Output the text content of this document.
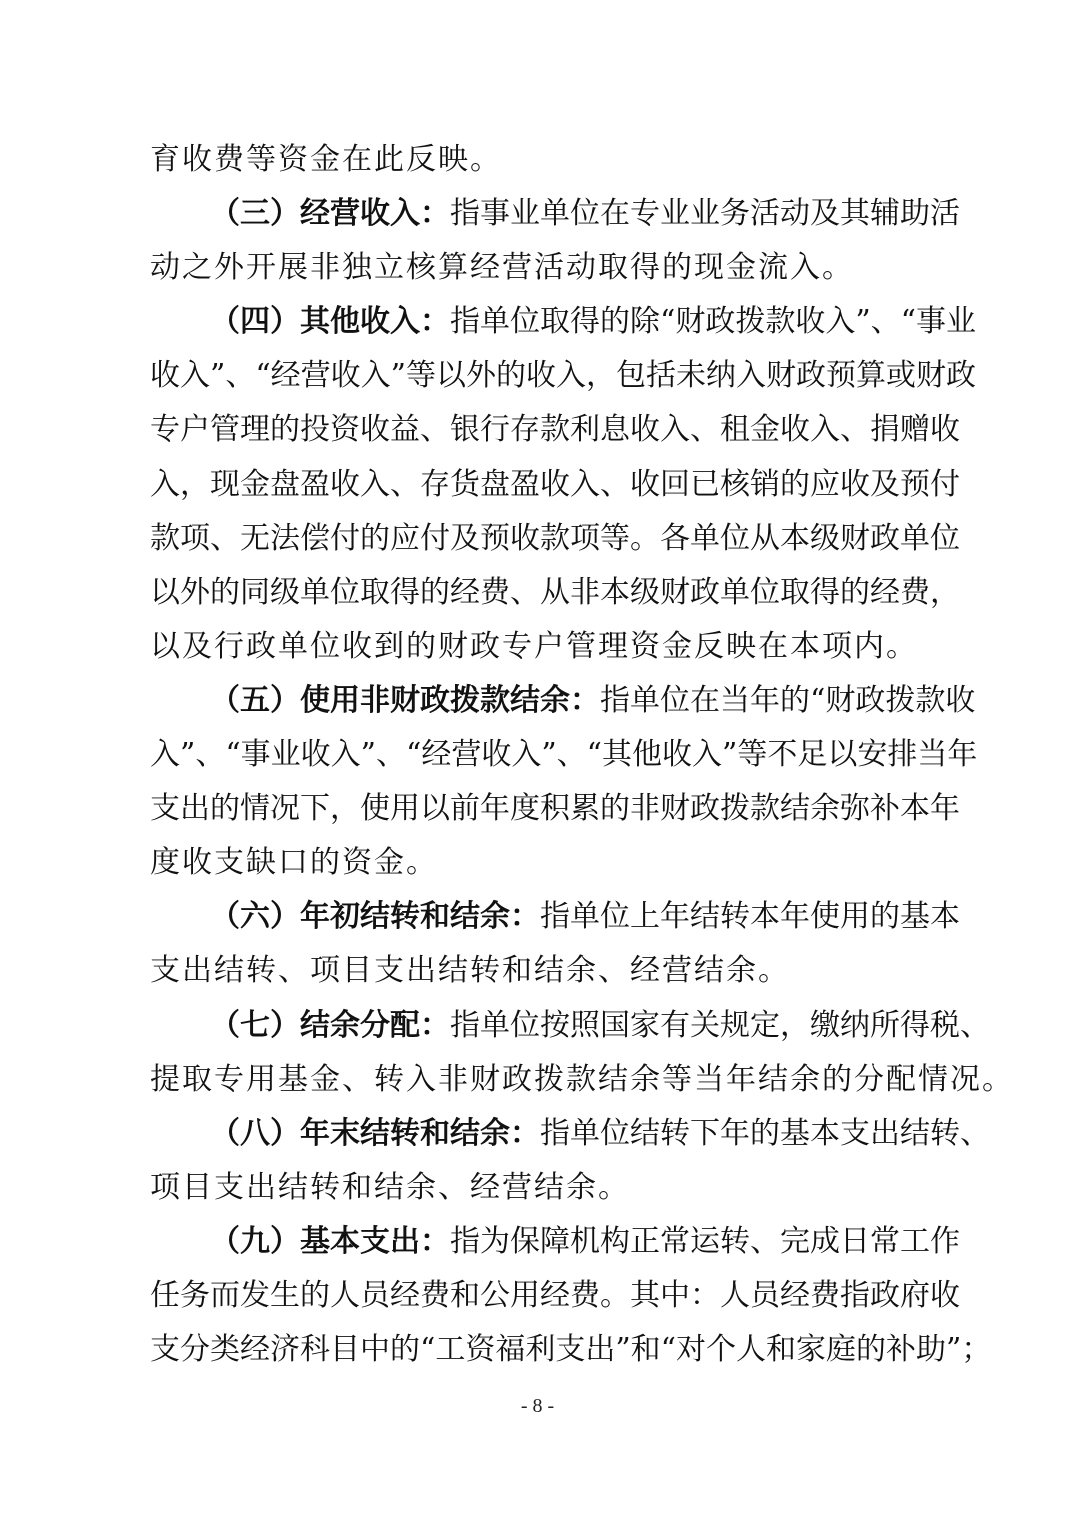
育收费等资金在此反映。
（三）经营收入：指事业单位在专业业务活动及其辅助活
动之外开展非独立核算经营活动取得的现金流入。
（四）其他收入：指单位取得的除“财政拨款收入”、“事业
收入”、“经营收入”等以外的收入，包括未纳入财政预算或财政
专户管理的投资收益、银行存款利息收入、租金收入、捐赠收
入，现金盘盈收入、存货盘盈收入、收回已核销的应收及预付
款项、无法偿付的应付及预收款项等。各单位从本级财政单位
以外的同级单位取得的经费、从非本级财政单位取得的经费，
以及行政单位收到的财政专户管理资金反映在本项内。
（五）使用非财政拨款结余：指单位在当年的“财政拨款收
入”、“事业收入”、“经营收入”、“其他收入”等不足以安排当年
支出的情况下，使用以前年度积累的非财政拨款结余弥补本年
度收支缺口的资金。
（六）年初结转和结余：指单位上年结转本年使用的基本
支出结转、项目支出结转和结余、经营结余。
（七）结余分配：指单位按照国家有关规定，缴纳所得税、
提取专用基金、转入非财政拨款结余等当年结余的分配情况。
（八）年末结转和结余：指单位结转下年的基本支出结转、
项目支出结转和结余、经营结余。
（九）基本支出：指为保障机构正常运转、完成日常工作
任务而发生的人员经费和公用经费。其中：人员经费指政府收
支分类经济科目中的“工资福利支出”和“对个人和家庭的补助”；
- 8 -
